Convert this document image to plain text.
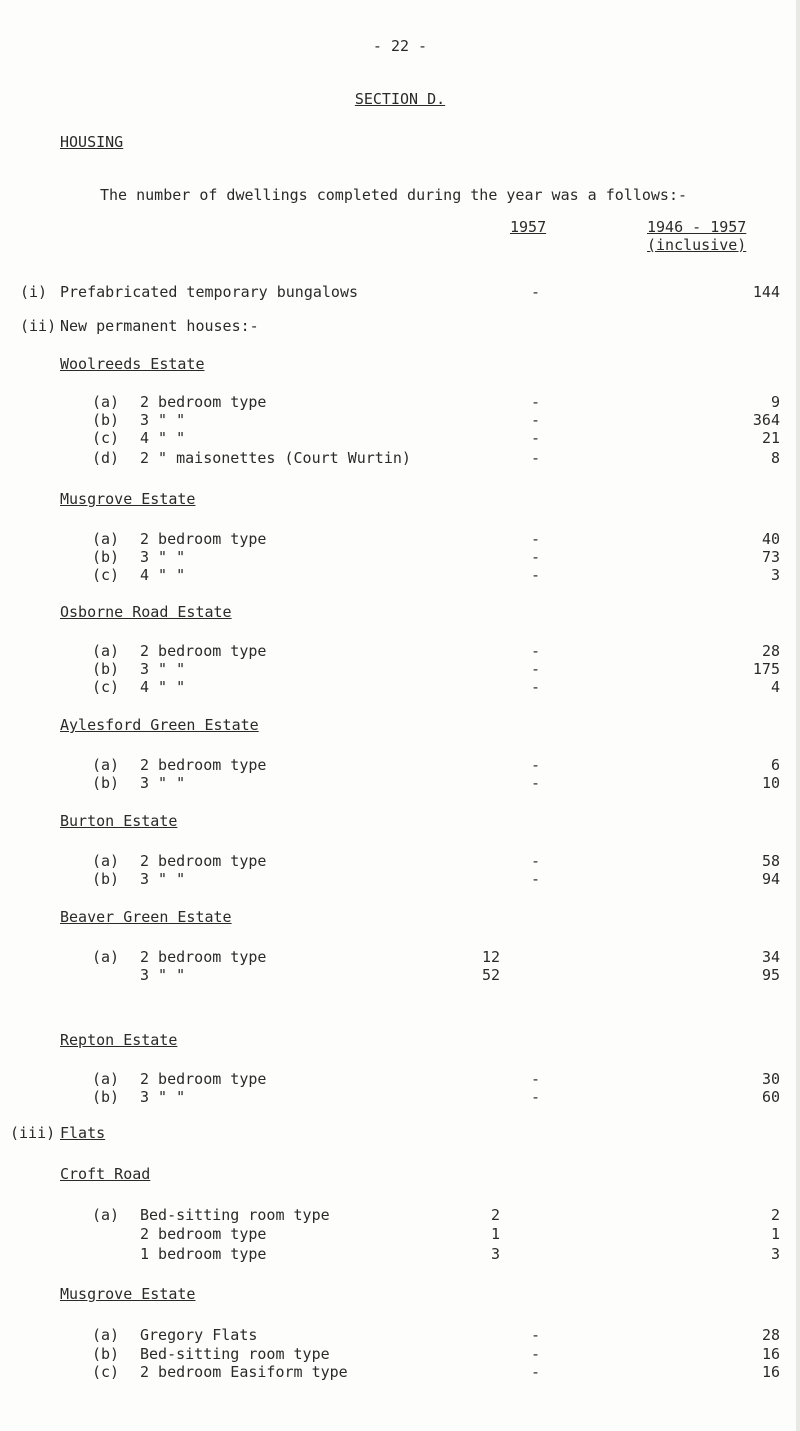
- 22 -
SECTION D.
HOUSING
The number of dwellings completed during the year was a follows:-
1957	1946 - 1957
(inclusive)
(i) Prefabricated temporary bungalows	-	144
(ii) New permanent houses:-
Woolreeds Estate
(a) 2 bedroom type	-	9
(b) 3 " "	-	364
(c) 4 " "	-	21
(d) 2 " maisonettes (Court Wurtin)	-	8
Musgrove Estate
(a) 2 bedroom type	-	40
(b) 3 " "	-	73
(c) 4 " "	-	3
Osborne Road Estate
(a) 2 bedroom type	-	28
(b) 3 " "	-	175
(c) 4 " "	-	4
Aylesford Green Estate
(a) 2 bedroom type	-	6
(b) 3 " "	-	10
Burton Estate
(a) 2 bedroom type	-	58
(b) 3 " "	-	94
Beaver Green Estate
(a) 2 bedroom type	12	34
3 " "	52	95
Repton Estate
(a) 2 bedroom type	-	30
(b) 3 " "	-	60
(iii) Flats
Croft Road
(a) Bed-sitting room type	2	2
2 bedroom type	1	1
1 bedroom type	3	3
Musgrove Estate
(a) Gregory Flats	-	28
(b) Bed-sitting room type	-	16
(c) 2 bedroom Easiform type	-	16
